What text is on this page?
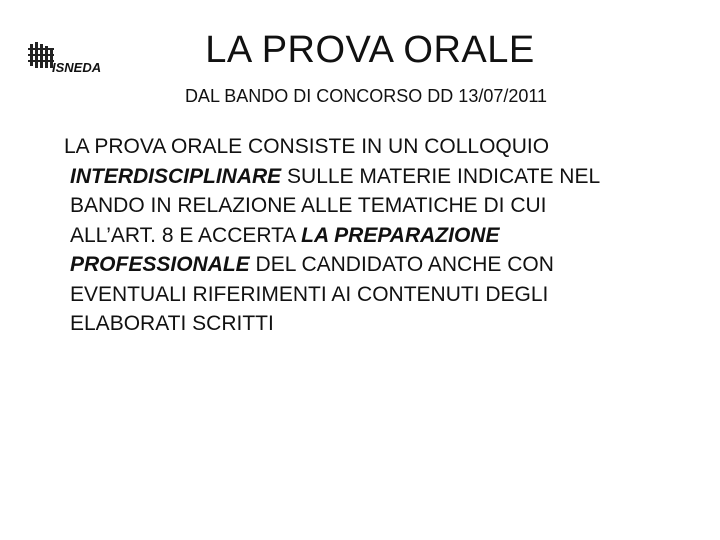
ISNEDA	LA PROVA ORALE
DAL BANDO DI CONCORSO DD 13/07/2011

LA PROVA ORALE CONSISTE IN UN COLLOQUIO
INTERDISCIPLINARE SULLE MATERIE INDICATE NEL
BANDO IN RELAZIONE ALLE TEMATICHE DI CUI
ALL’ART. 8 E ACCERTA LA PREPARAZIONE
PROFESSIONALE DEL CANDIDATO ANCHE CON
EVENTUALI RIFERIMENTI AI CONTENUTI DEGLI
ELABORATI SCRITTI
